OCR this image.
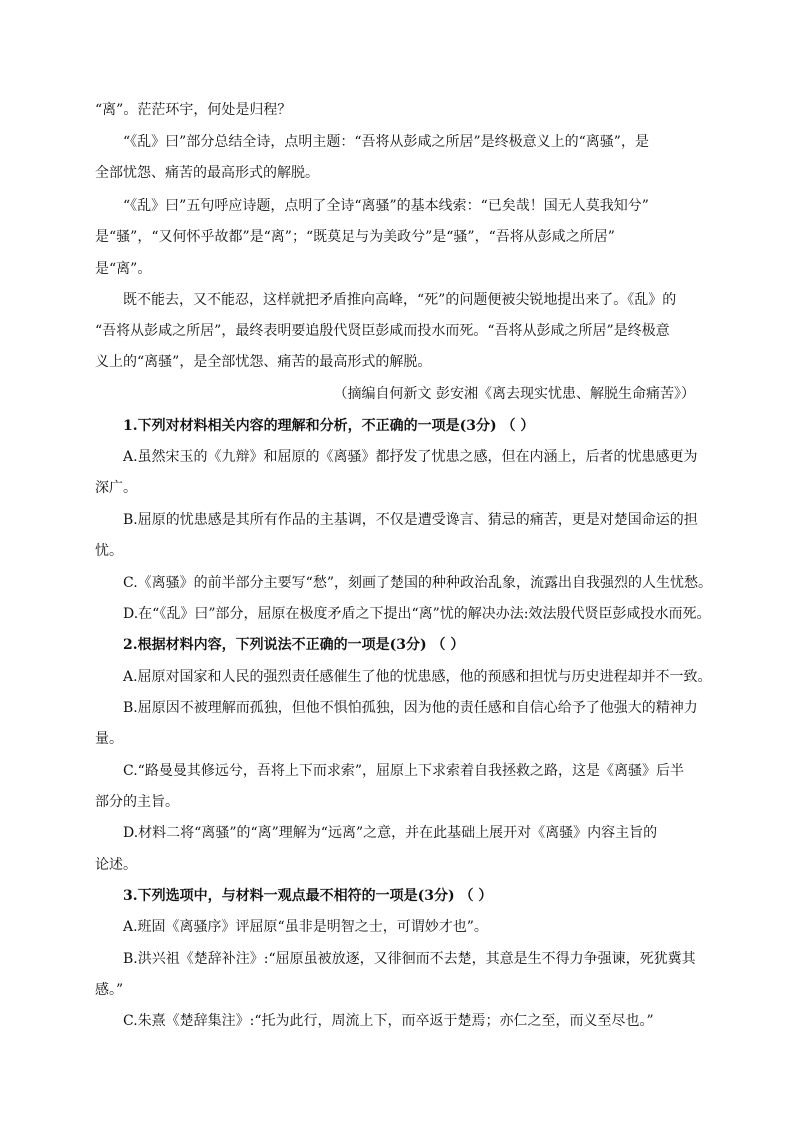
“离”。茫茫环宇，何处是归程？
“《乱》曰”部分总结全诗，点明主题：“吾将从彭咸之所居”是终极意义上的“离骚”，是
全部忧怨、痛苦的最高形式的解脱。
“《乱》曰”五句呼应诗题，点明了全诗“离骚”的基本线索：“已矣哉！国无人莫我知兮”
是“骚”，“又何怀乎故都”是“离”；“既莫足与为美政兮”是“骚”，“吾将从彭咸之所居”
是“离”。
既不能去，又不能忍，这样就把矛盾推向高峰，“死”的问题便被尖锐地提出来了。《乱》的
“吾将从彭咸之所居”，最终表明要追殷代贤臣彭咸而投水而死。“吾将从彭咸之所居”是终极意
义上的“离骚”，是全部忧怨、痛苦的最高形式的解脱。
（摘编自何新文 彭安湘《离去现实忧患、解脱生命痛苦》）
1.下列对材料相关内容的理解和分析，不正确的一项是(3分) （ ）
A.虽然宋玉的《九辩》和屈原的《离骚》都抒发了忧患之感，但在内涵上，后者的忧患感更为
深广。
B.屈原的忧患感是其所有作品的主基调，不仅是遭受谗言、猜忌的痛苦，更是对楚国命运的担
忧。
C.《离骚》的前半部分主要写“愁”，刻画了楚国的种种政治乱象，流露出自我强烈的人生忧愁。
D.在“《乱》曰”部分，屈原在极度矛盾之下提出“离”忧的解决办法:效法殷代贤臣彭咸投水而死。
2.根据材料内容，下列说法不正确的一项是(3分) （ ）
A.屈原对国家和人民的强烈责任感催生了他的忧患感，他的预感和担忧与历史进程却并不一致。
B.屈原因不被理解而孤独，但他不惧怕孤独，因为他的责任感和自信心给予了他强大的精神力
量。
C.“路曼曼其修远兮，吾将上下而求索”，屈原上下求索着自我拯救之路，这是《离骚》后半
部分的主旨。
D.材料二将“离骚”的“离”理解为“远离”之意，并在此基础上展开对《离骚》内容主旨的
论述。
3.下列选项中，与材料一观点最不相符的一项是(3分) （ ）
A.班固《离骚序》评屈原“虽非是明智之士，可谓妙才也”。
B.洪兴祖《楚辞补注》:“屈原虽被放逐，又徘徊而不去楚，其意是生不得力争强谏，死犹冀其
感。”
C.朱熹《楚辞集注》:“托为此行，周流上下，而卒返于楚焉；亦仁之至，而义至尽也。”
